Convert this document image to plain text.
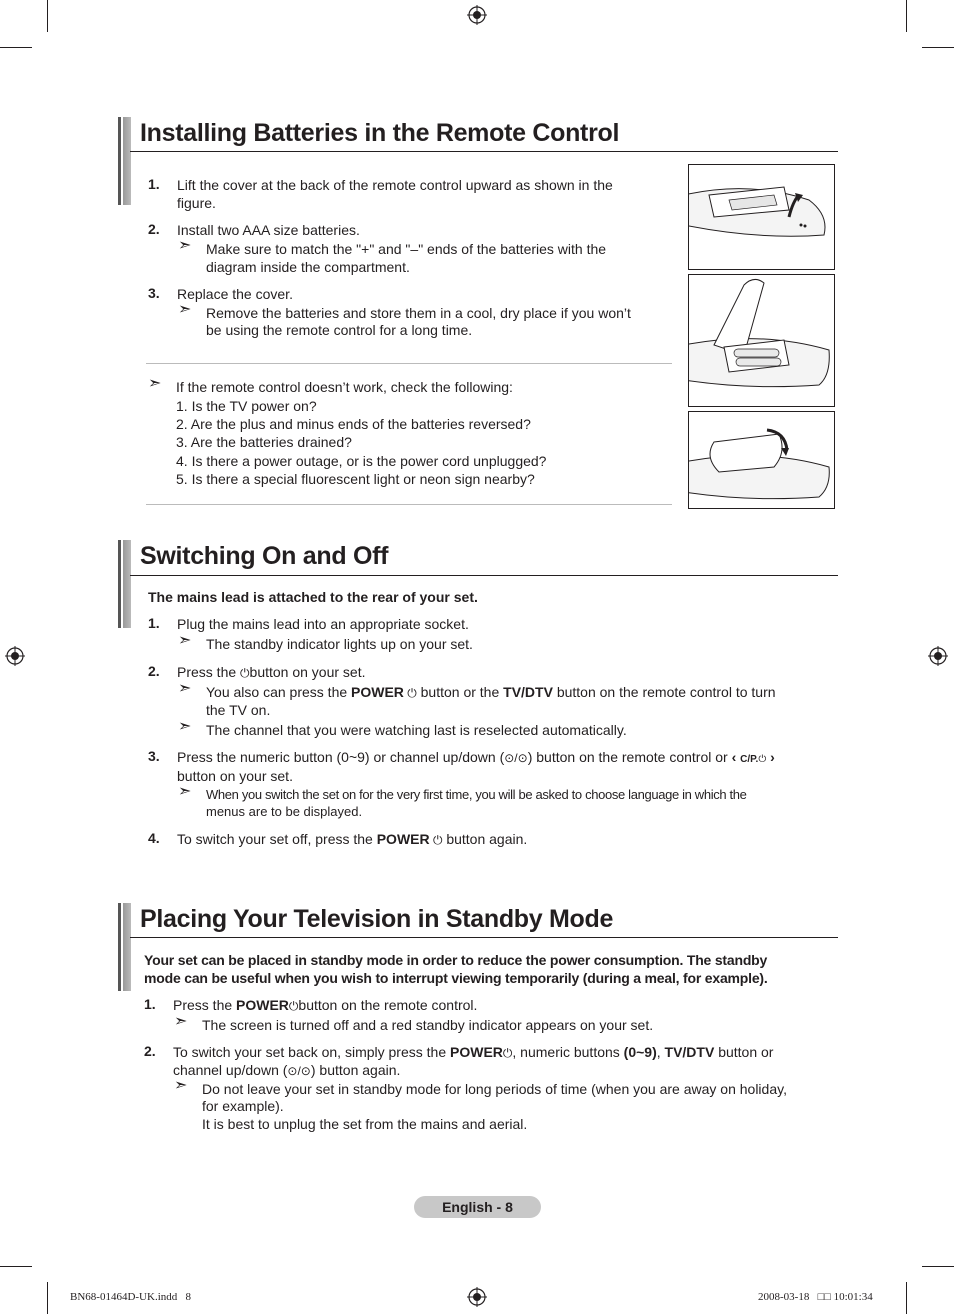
Installing Batteries in the Remote Control
1. Lift the cover at the back of the remote control upward as shown in the
figure.
2. Install two AAA size batteries.
➣ Make sure to match the "+" and "–" ends of the batteries with the
diagram inside the compartment.
3. Replace the cover.
➣ Remove the batteries and store them in a cool, dry place if you won’t
be using the remote control for a long time.
➣ If the remote control doesn’t work, check the following:
1. Is the TV power on?
2. Are the plus and minus ends of the batteries reversed?
3. Are the batteries drained?
4. Is there a power outage, or is the power cord unplugged?
5. Is there a special fluorescent light or neon sign nearby?
Switching On and Off
The mains lead is attached to the rear of your set.
1. Plug the mains lead into an appropriate socket.
➣ The standby indicator lights up on your set.
2. Press the ⏻button on your set.
➣ You also can press the POWER ⏻ button or the TV/DTV button on the remote control to turn
the TV on.
➣ The channel that you were watching last is reselected automatically.
3. Press the numeric button (0~9) or channel up/down (⊙/⊙) button on the remote control or ‹ C/P.⏻ ›
button on your set.
➣ When you switch the set on for the very first time, you will be asked to choose language in which the
menus are to be displayed.
4. To switch your set off, press the POWER ⏻ button again.
Placing Your Television in Standby Mode
Your set can be placed in standby mode in order to reduce the power consumption. The standby
mode can be useful when you wish to interrupt viewing temporarily (during a meal, for example).
1. Press the POWER⏻button on the remote control.
➣ The screen is turned off and a red standby indicator appears on your set.
2. To switch your set back on, simply press the POWER⏻, numeric buttons (0~9), TV/DTV button or
channel up/down (⊙/⊙) button again.
➣ Do not leave your set in standby mode for long periods of time (when you are away on holiday,
for example).
It is best to unplug the set from the mains and aerial.
English - 8
BN68-01464D-UK.indd   8	2008-03-18   □□ 10:01:34
